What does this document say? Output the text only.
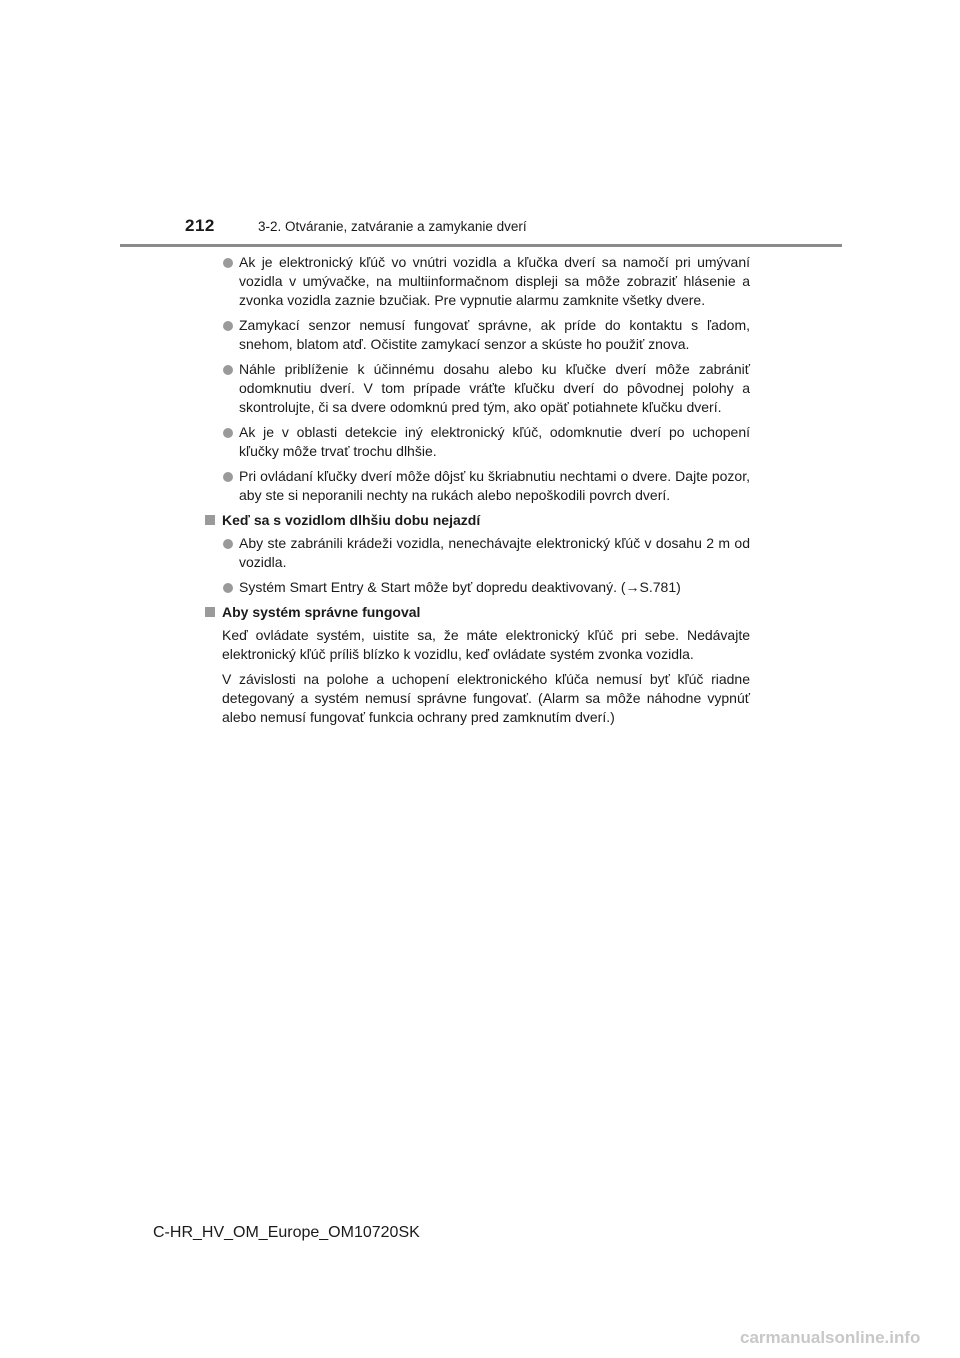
212	3-2. Otváranie, zatváranie a zamykanie dverí
Ak je elektronický kľúč vo vnútri vozidla a kľučka dverí sa namočí pri umývaní vozidla v umývačke, na multiinformačnom displeji sa môže zobraziť hlásenie a zvonka vozidla zaznie bzučiak. Pre vypnutie alarmu zamknite všetky dvere.
Zamykací senzor nemusí fungovať správne, ak príde do kontaktu s ľadom, snehom, blatom atď. Očistite zamykací senzor a skúste ho použiť znova.
Náhle priblíženie k účinnému dosahu alebo ku kľučke dverí môže zabrániť odomknutiu dverí. V tom prípade vráťte kľučku dverí do pôvodnej polohy a skontrolujte, či sa dvere odomknú pred tým, ako opäť potiahnete kľučku dverí.
Ak je v oblasti detekcie iný elektronický kľúč, odomknutie dverí po uchopení kľučky môže trvať trochu dlhšie.
Pri ovládaní kľučky dverí môže dôjsť ku škriabnutiu nechtami o dvere. Dajte pozor, aby ste si neporanili nechty na rukách alebo nepoškodili povrch dverí.
Keď sa s vozidlom dlhšiu dobu nejazdí
Aby ste zabránili krádeži vozidla, nenechávajte elektronický kľúč v dosahu 2 m od vozidla.
Systém Smart Entry & Start môže byť dopredu deaktivovaný. (→S.781)
Aby systém správne fungoval
Keď ovládate systém, uistite sa, že máte elektronický kľúč pri sebe. Nedávajte elektronický kľúč príliš blízko k vozidlu, keď ovládate systém zvonka vozidla.
V závislosti na polohe a uchopení elektronického kľúča nemusí byť kľúč riadne detegovaný a systém nemusí správne fungovať. (Alarm sa môže náhodne vypnúť alebo nemusí fungovať funkcia ochrany pred zamknutím dverí.)
C-HR_HV_OM_Europe_OM10720SK
carmanualsonline.info
